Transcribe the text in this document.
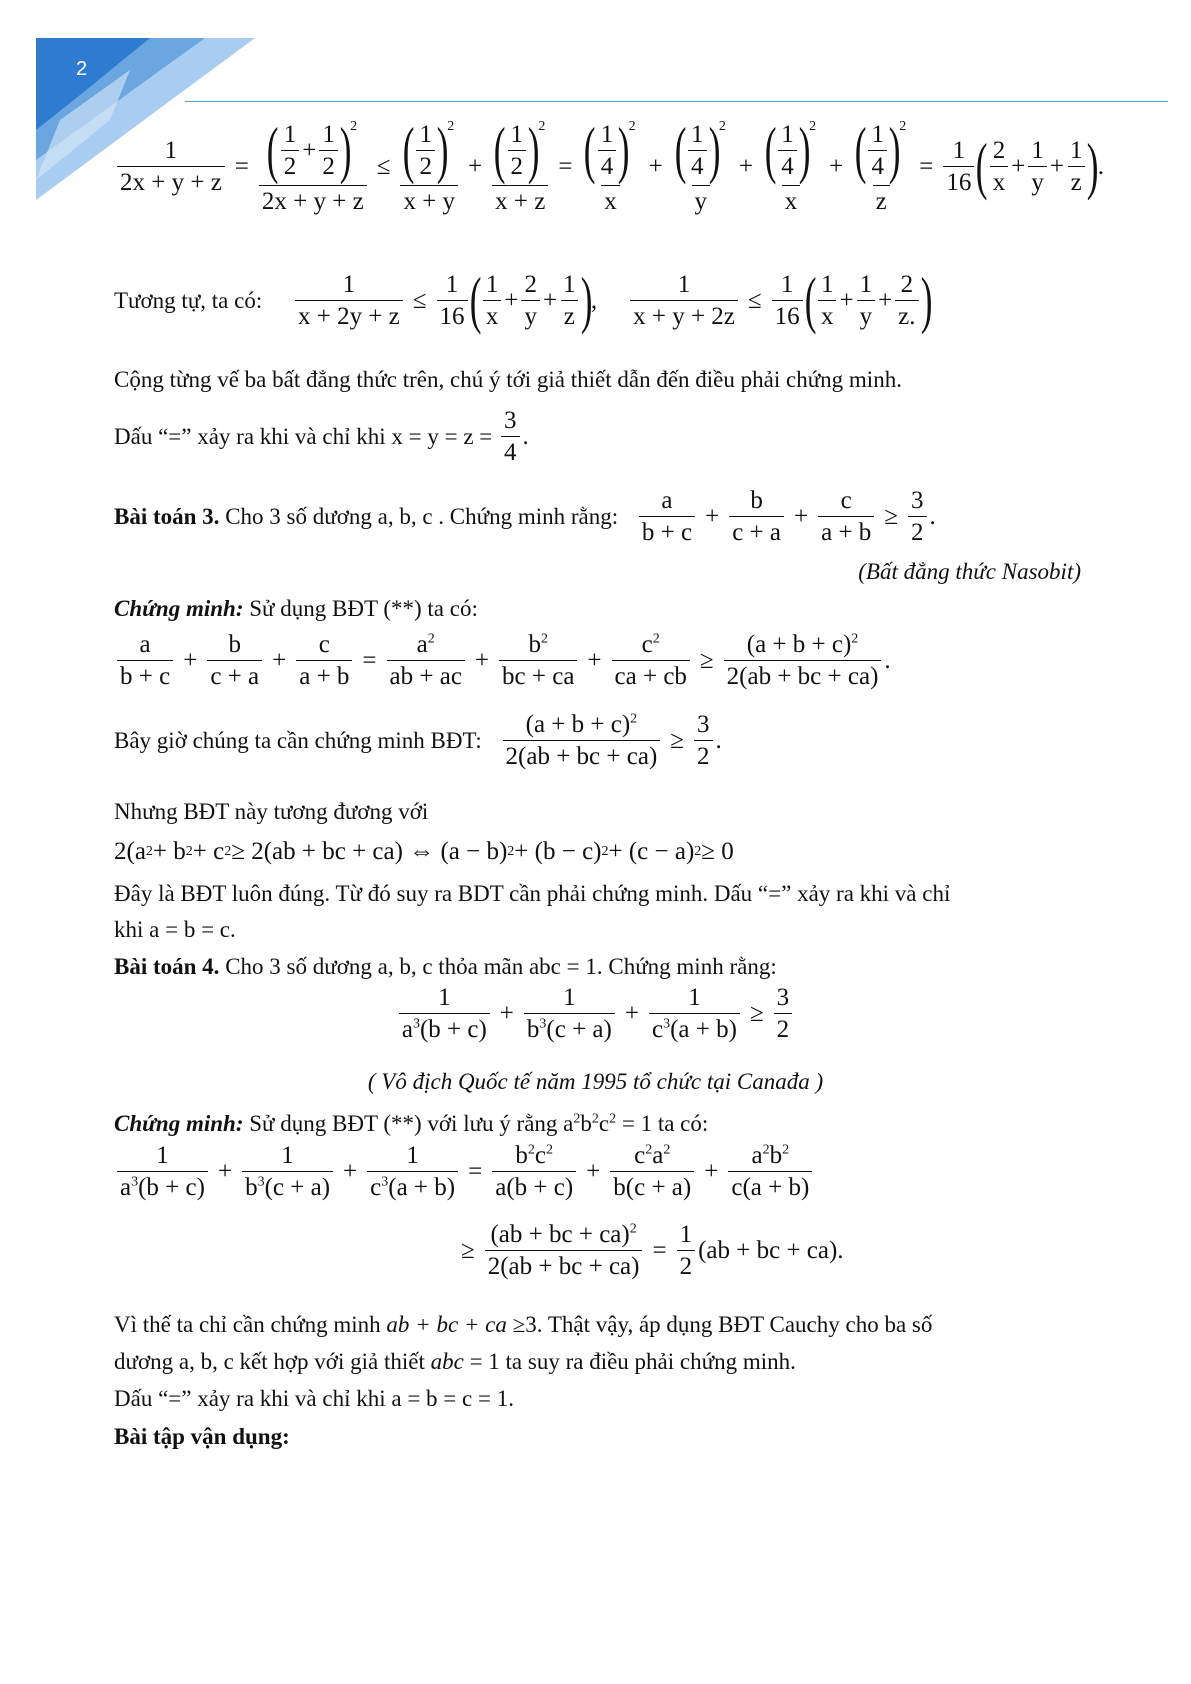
2
$\frac{1}{2x + y + z}$ = ( $\frac{1}{2} + \frac{1}{2}$ )
$^2$
2x + y + z ≤ ( $\frac{1}{2}$ )
$^2$
x + y + ( $\frac{1}{2}$ )
$^2$
x + z = ( $\frac{1}{4}$ )
$^2$
x + ( $\frac{1}{4}$ )
$^2$
y + ( $\frac{1}{4}$ )
$^2$
x + ( $\frac{1}{4}$ )
$^2$
$z = \frac{1}{16}$ ( $\frac{2}{x} + \frac{1}{y} + \frac{1}{z}$ )
.
Tương tự, ta có: $\frac{1}{x + 2y + z} \le \frac{1}{16}$ ( $\frac{1}{x} + \frac{2}{y} + \frac{1}{z}$ )
, $\frac{1}{x + y + 2z} \le \frac{1}{16}$ ( $\frac{1}{x} + \frac{1}{y} + \frac{2}{z.}$ )
Cộng từng vế ba bất đẳng thức trên, chú ý tới giả thiết dẫn đến điều phải chứng minh.
Dấu “=” xảy ra khi và chỉ khi $x = y = z = \frac{3}{4}$ .
Bài toán 3. Cho 3 số dương a, b, c . Chứng minh rằng: $\frac{a}{b + c} + \frac{b}{c + a} + \frac{c}{a + b} \ge \frac{3}{2}$ .
(Bất đẳng thức Nasobit)
Chứng minh: Sử dụng BĐT (**) ta có:
$\frac{a}{b + c} + \frac{b}{c + a} + \frac{c}{a + b} = \frac{a^2}{ab + ac} + \frac{b^2}{bc + ca} + \frac{c^2}{ca + cb} \ge \frac{(a + b + c)^2}{2(ab + bc + ca)}$ .
Bây giờ chúng ta cần chứng minh BĐT: $\frac{(a + b + c)^2}{2(ab + bc + ca)} \ge \frac{3}{2}$ .
Nhưng BĐT này tương đương với
2(a 2 + b 2 + c 2 ≥ 2(ab + bc + ca) ⇔ (a − b) 2 + (b − c) 2 + (c − a) 2 ≥ 0
Đây là BĐT luôn đúng. Từ đó suy ra BDT cần phải chứng minh. Dấu “=” xảy ra khi và chỉ
khi a = b = c.
Bài toán 4. Cho 3 số dương a, b, c thỏa mãn abc = 1. Chứng minh rằng:
$\frac{1}{a^3(b + c)} + \frac{1}{b^3(c + a)} + \frac{1}{c^3(a + b)} \ge \frac{3}{2}$
( Vô địch Quốc tế năm 1995 tổ chức tại Canađa )
Chứng minh: Sử dụng BĐT (**) với lưu ý rằng $a^2b^2c^2 = 1$ ta có:
$\frac{1}{a^3(b + c)} + \frac{1}{b^3(c + a)} + \frac{1}{c^3(a + b)} = \frac{b^2c^2}{a(b + c)} + \frac{c^2a^2}{b(c + a)} + \frac{a^2b^2}{c(a + b)}$
≥ $\frac{(ab + bc + ca)^2}{2(ab + bc + ca)} = \frac{1}{2} (ab$ + bc + ca).
Vì thế ta chỉ cần chứng minh ab + bc + ca ≥3. Thật vậy, áp dụng BĐT Cauchy cho ba số
dương a, b, c kết hợp với giả thiết abc = 1 ta suy ra điều phải chứng minh.
Dấu “=” xảy ra khi và chỉ khi a = b = c = 1.
Bài tập vận dụng:
